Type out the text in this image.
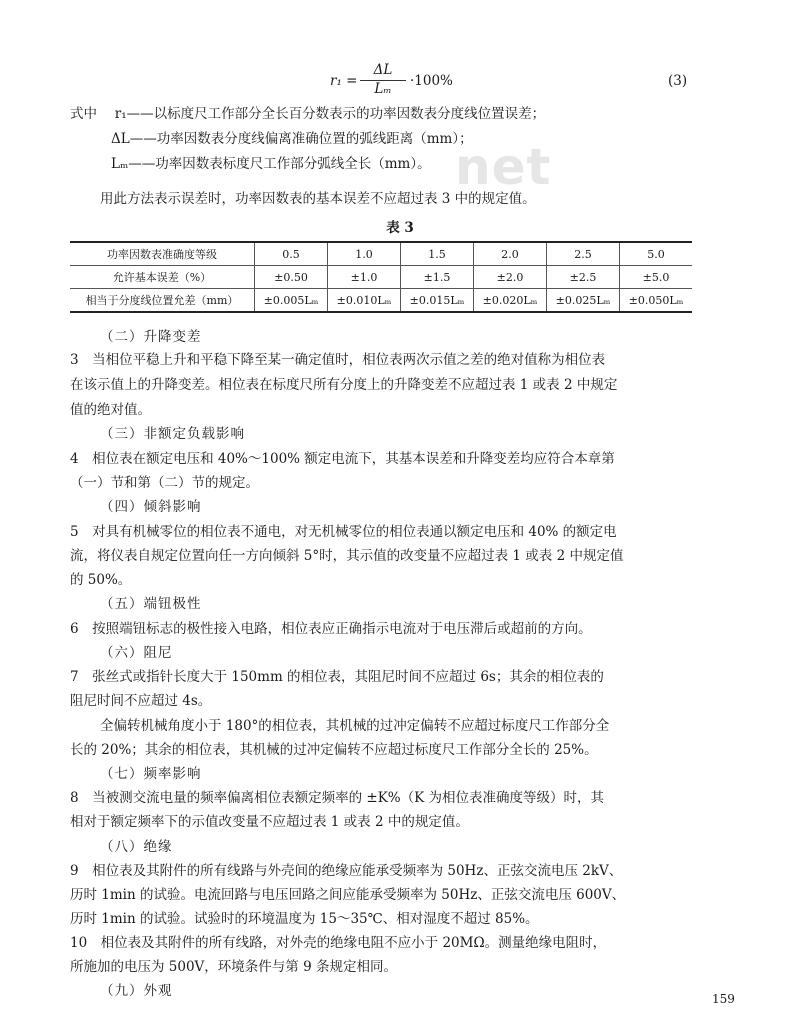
$r_1 = \frac{\Delta L}{\text{Lₘ}} \cdot 100\%$	(3)
式中　 r₁——以标度尺工作部分全长百分数表示的功率因数表分度线位置误差；
ΔL——功率因数表分度线偏离准确位置的弧线距离（mm）；
Lₘ——功率因数表标度尺工作部分弧线全长（mm）。 net
用此方法表示误差时，功率因数表的基本误差不应超过表 3 中的规定值。
表 3
功率因数表准确度等级	0.5	1.0	1.5	2.0	2.5	5.0
允许基本误差（%）	±0.50	±1.0	±1.5	±2.0	±2.5	±5.0
相当于分度线位置允差（mm）	±0.005Lₘ	±0.010Lₘ	±0.015Lₘ	±0.020Lₘ	±0.025Lₘ	±0.050Lₘ
（二）升降变差
3　当相位平稳上升和平稳下降至某一确定值时，相位表两次示值之差的绝对值称为相位表
在该示值上的升降变差。相位表在标度尺所有分度上的升降变差不应超过表 1 或表 2 中规定
值的绝对值。
（三）非额定负载影响
4　相位表在额定电压和 40%～100% 额定电流下，其基本误差和升降变差均应符合本章第
（一）节和第（二）节的规定。
（四）倾斜影响
5　对具有机械零位的相位表不通电，对无机械零位的相位表通以额定电压和 40% 的额定电
流，将仪表自规定位置向任一方向倾斜 5°时，其示值的改变量不应超过表 1 或表 2 中规定值
的 50%。
（五）端钮极性
6　按照端钮标志的极性接入电路，相位表应正确指示电流对于电压滞后或超前的方向。
（六）阻尼
7　张丝式或指针长度大于 150mm 的相位表，其阻尼时间不应超过 6s；其余的相位表的
阻尼时间不应超过 4s。
全偏转机械角度小于 180°的相位表，其机械的过冲定偏转不应超过标度尺工作部分全
长的 20%；其余的相位表，其机械的过冲定偏转不应超过标度尺工作部分全长的 25%。
（七）频率影响
8　当被测交流电量的频率偏离相位表额定频率的 ±K%（K 为相位表准确度等级）时，其
相对于额定频率下的示值改变量不应超过表 1 或表 2 中的规定值。
（八）绝缘
9　相位表及其附件的所有线路与外壳间的绝缘应能承受频率为 50Hz、正弦交流电压 2kV、
历时 1min 的试验。电流回路与电压回路之间应能承受频率为 50Hz、正弦交流电压 600V、
历时 1min 的试验。试验时的环境温度为 15～35℃、相对湿度不超过 85%。
10　相位表及其附件的所有线路，对外壳的绝缘电阻不应小于 20MΩ。测量绝缘电阻时，
所施加的电压为 500V，环境条件与第 9 条规定相同。
（九）外观	159
